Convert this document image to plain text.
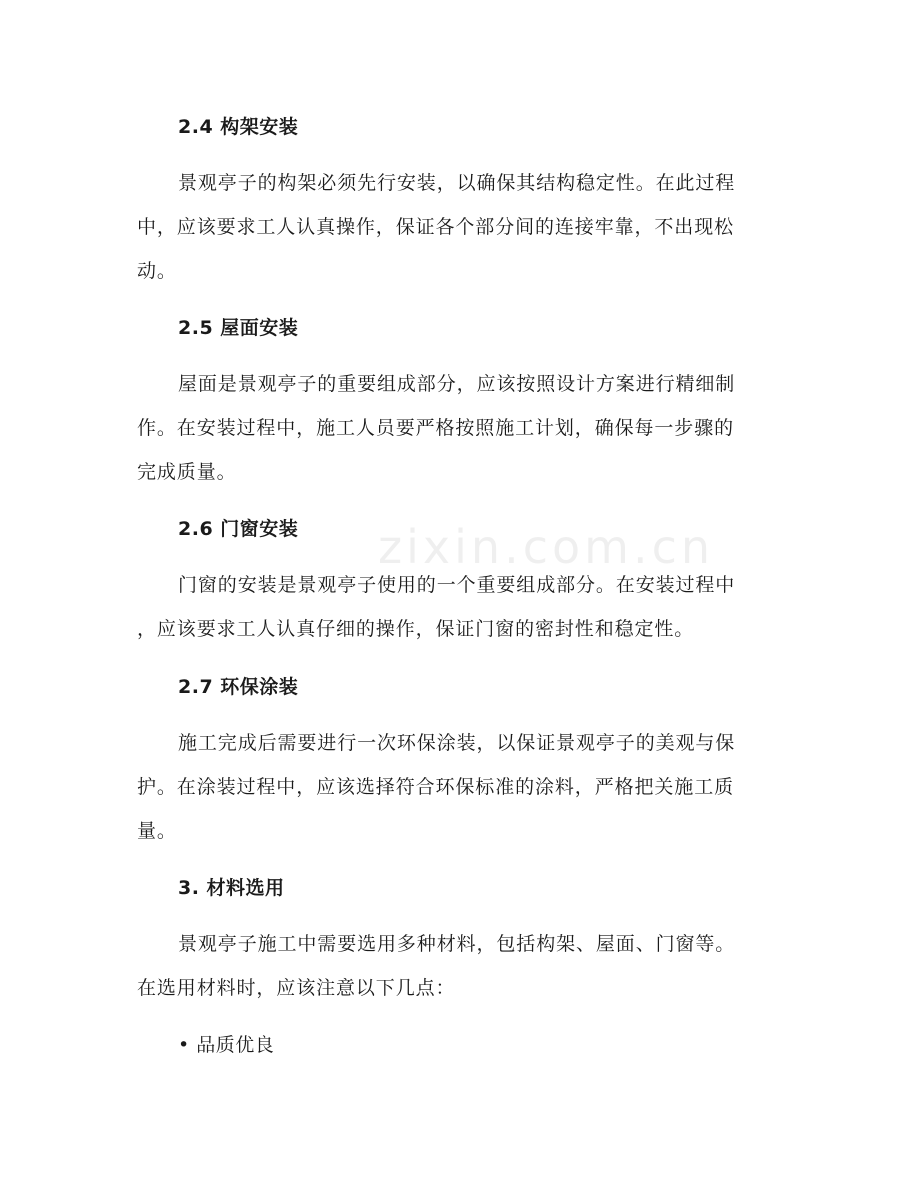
2.4 构架安装
景观亭子的构架必须先行安装，以确保其结构稳定性。在此过程
中，应该要求工人认真操作，保证各个部分间的连接牢靠，不出现松
动。
2.5 屋面安装
屋面是景观亭子的重要组成部分，应该按照设计方案进行精细制
作。在安装过程中，施工人员要严格按照施工计划，确保每一步骤的
完成质量。
2.6 门窗安装
门窗的安装是景观亭子使用的一个重要组成部分。在安装过程中
，应该要求工人认真仔细的操作，保证门窗的密封性和稳定性。
2.7 环保涂装
施工完成后需要进行一次环保涂装，以保证景观亭子的美观与保
护。在涂装过程中，应该选择符合环保标准的涂料，严格把关施工质
量。
3. 材料选用
景观亭子施工中需要选用多种材料，包括构架、屋面、门窗等。
在选用材料时，应该注意以下几点：
• 品质优良
zixin.com.cn
